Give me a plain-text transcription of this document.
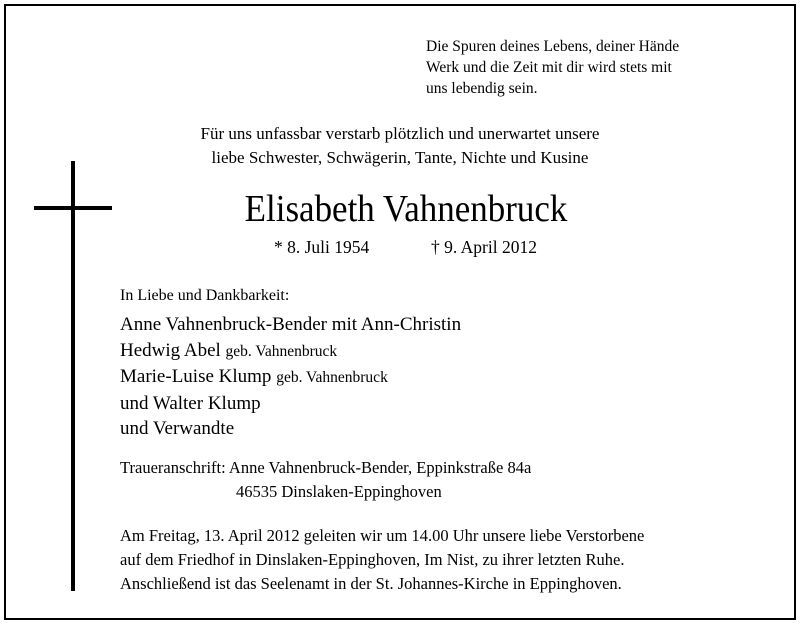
Die Spuren deines Lebens, deiner Hände
Werk und die Zeit mit dir wird stets mit
uns lebendig sein.
Für uns unfassbar verstarb plötzlich und unerwartet unsere
liebe Schwester, Schwägerin, Tante, Nichte und Kusine
Elisabeth Vahnenbruck
* 8. Juli 1954	† 9. April 2012
In Liebe und Dankbarkeit:
Anne Vahnenbruck-Bender mit Ann-Christin
Hedwig Abel geb. Vahnenbruck
Marie-Luise Klump geb. Vahnenbruck
und Walter Klump
und Verwandte
Traueranschrift: Anne Vahnenbruck-Bender, Eppinkstraße 84a
46535 Dinslaken-Eppinghoven
Am Freitag, 13. April 2012 geleiten wir um 14.00 Uhr unsere liebe Verstorbene
auf dem Friedhof in Dinslaken-Eppinghoven, Im Nist, zu ihrer letzten Ruhe.
Anschließend ist das Seelenamt in der St. Johannes-Kirche in Eppinghoven.
